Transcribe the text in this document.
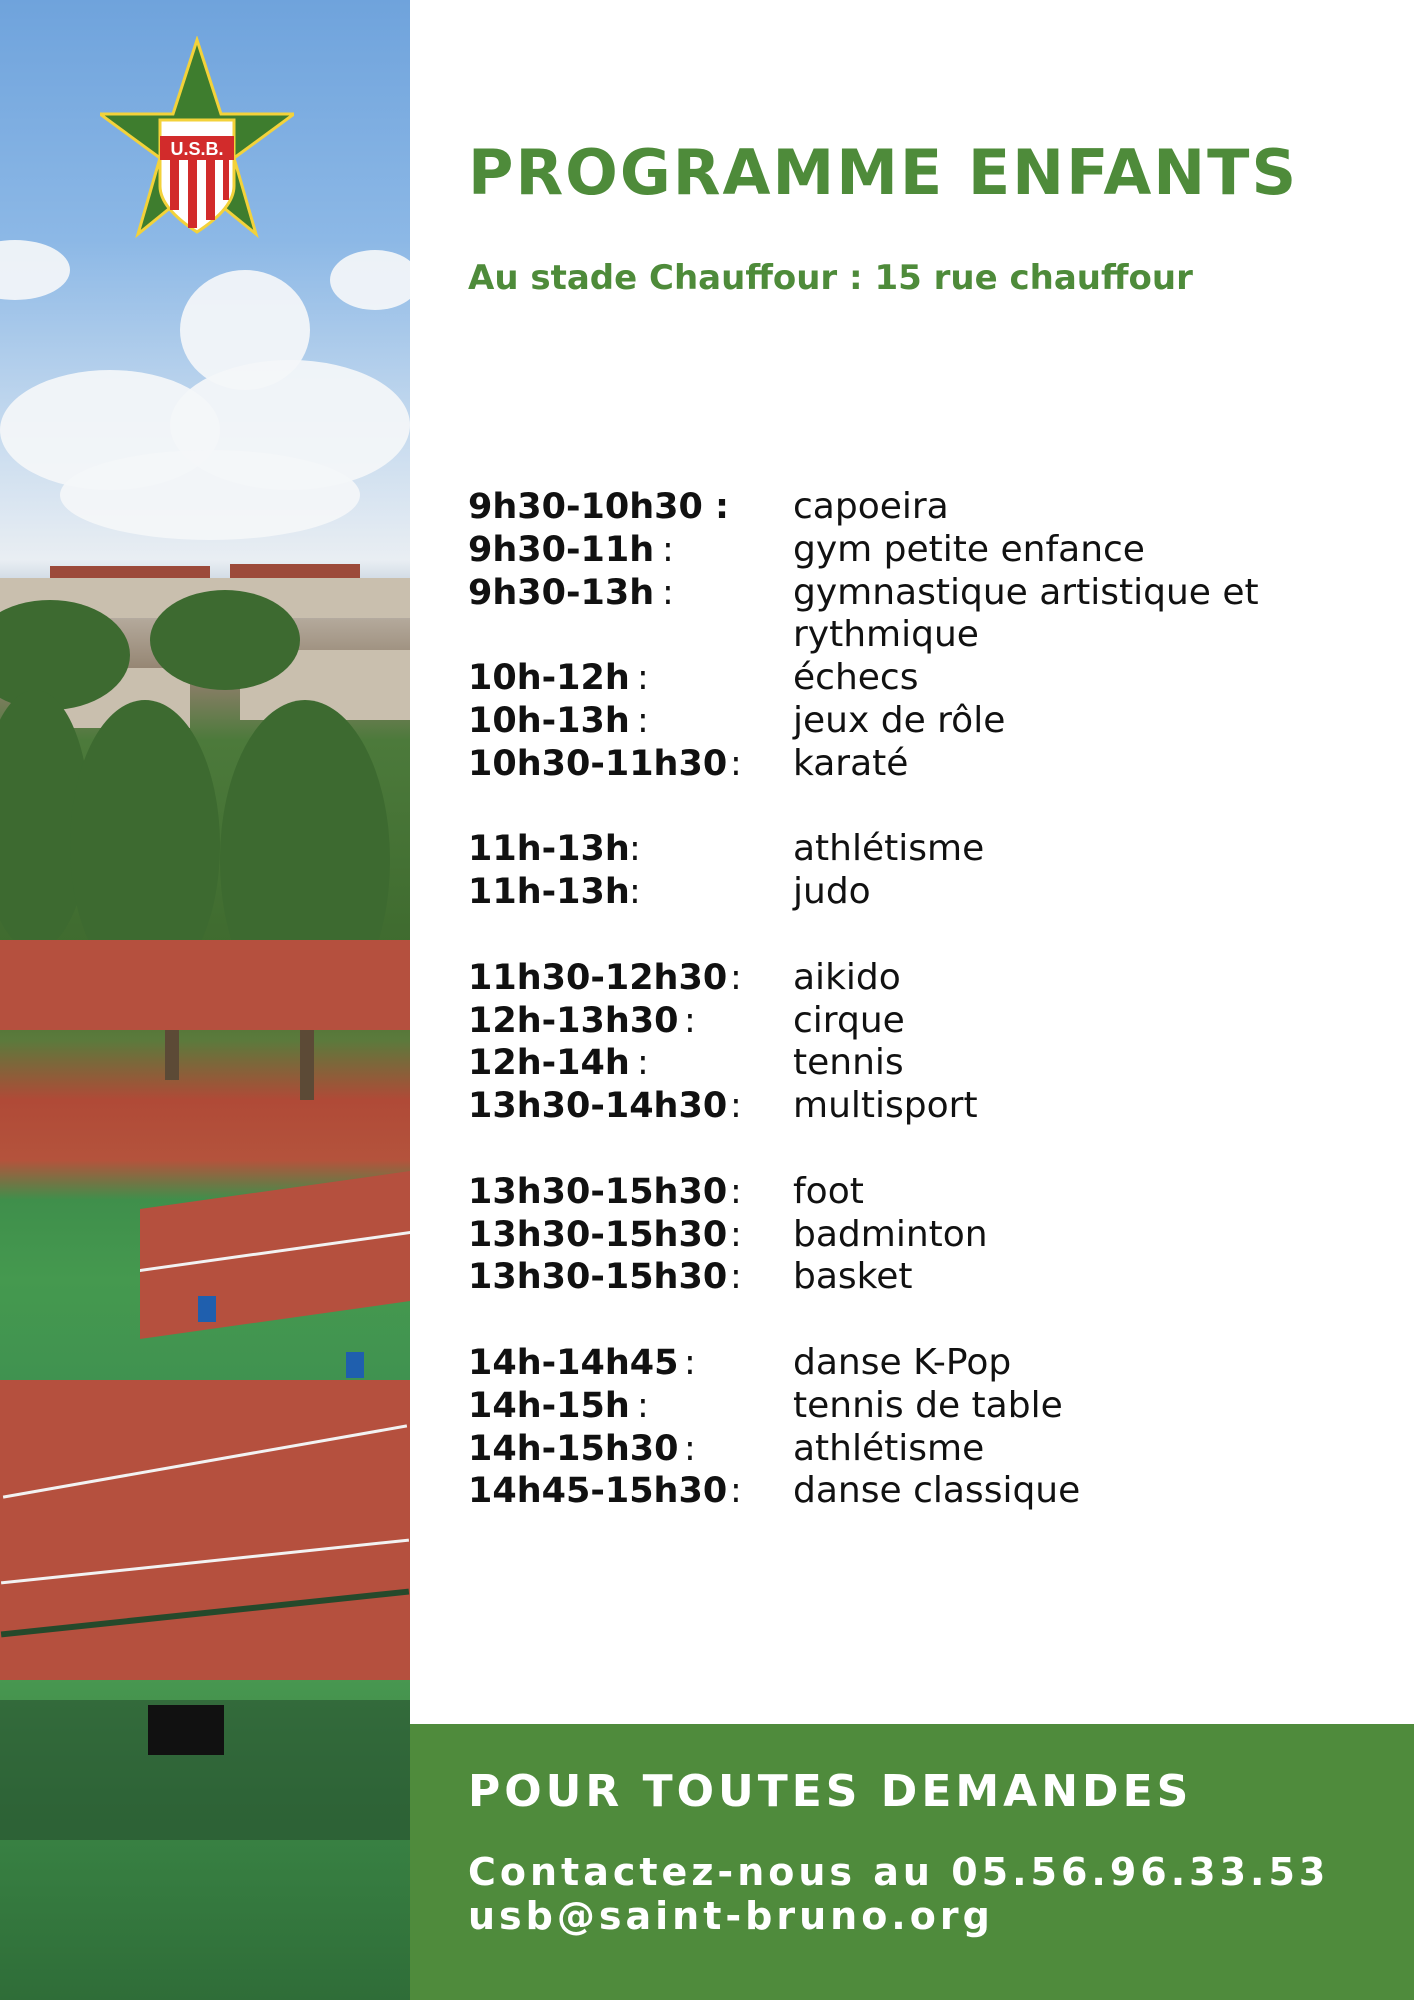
U.S.B.	PROGRAMME ENFANTS

Au stade Chauffour : 15 rue chauffour

9h30-10h30 : capoeira
9h30-11h :	gym petite enfance
9h30-13h :	gymnastique artistique et rythmique
10h-12h :	échecs
10h-13h :	jeux de rôle
10h30-11h30 : karaté
11h-13h :	athlétisme
11h-13h :	judo
11h30-12h30 : aikido
12h-13h30 :	cirque
12h-14h :	tennis
13h30-14h30 : multisport
13h30-15h30 : foot
13h30-15h30 : badminton
13h30-15h30 : basket
14h-14h45 :	danse K-Pop
14h-15h :	tennis de table
14h-15h30 :	athlétisme
14h45-15h30 : danse classique
POUR TOUTES DEMANDES
Contactez-nous au 05.56.96.33.53
usb@saint-bruno.org
